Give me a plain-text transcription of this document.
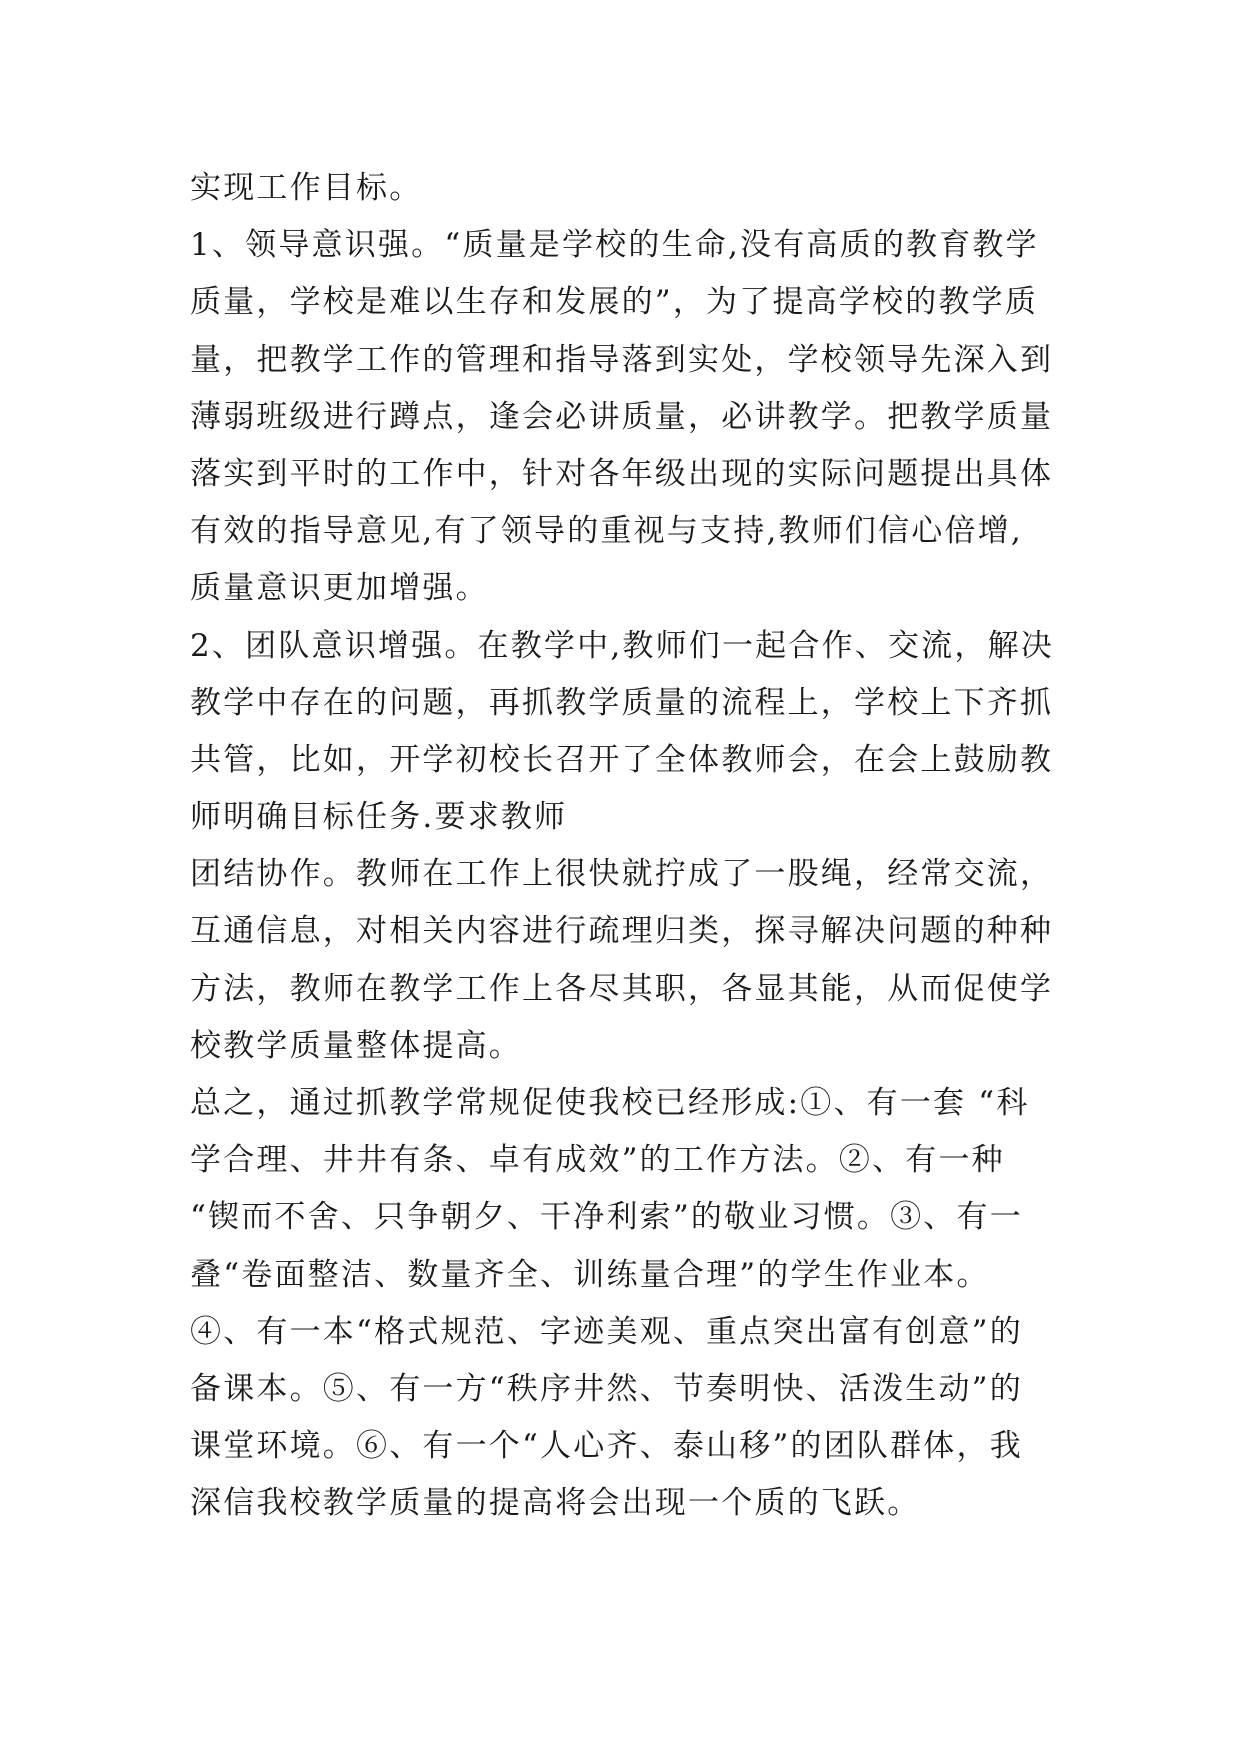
实现工作目标。
1、领导意识强。“质量是学校的生命,没有高质的教育教学
质量，学校是难以生存和发展的”，为了提高学校的教学质
量，把教学工作的管理和指导落到实处，学校领导先深入到
薄弱班级进行蹲点，逢会必讲质量，必讲教学。把教学质量
落实到平时的工作中，针对各年级出现的实际问题提出具体
有效的指导意见,有了领导的重视与支持,教师们信心倍增,
质量意识更加增强。
2、团队意识增强。在教学中,教师们一起合作、交流，解决
教学中存在的问题，再抓教学质量的流程上，学校上下齐抓
共管，比如，开学初校长召开了全体教师会，在会上鼓励教
师明确目标任务.要求教师
团结协作。教师在工作上很快就拧成了一股绳，经常交流，
互通信息，对相关内容进行疏理归类，探寻解决问题的种种
方法，教师在教学工作上各尽其职，各显其能，从而促使学
校教学质量整体提高。
总之，通过抓教学常规促使我校已经形成:①、有一套 “科
学合理、井井有条、卓有成效”的工作方法。②、有一种
“锲而不舍、只争朝夕、干净利索”的敬业习惯。③、有一
叠“卷面整洁、数量齐全、训练量合理”的学生作业本。
④、有一本“格式规范、字迹美观、重点突出富有创意”的
备课本。⑤、有一方“秩序井然、节奏明快、活泼生动”的
课堂环境。⑥、有一个“人心齐、泰山移”的团队群体，我
深信我校教学质量的提高将会出现一个质的飞跃。
